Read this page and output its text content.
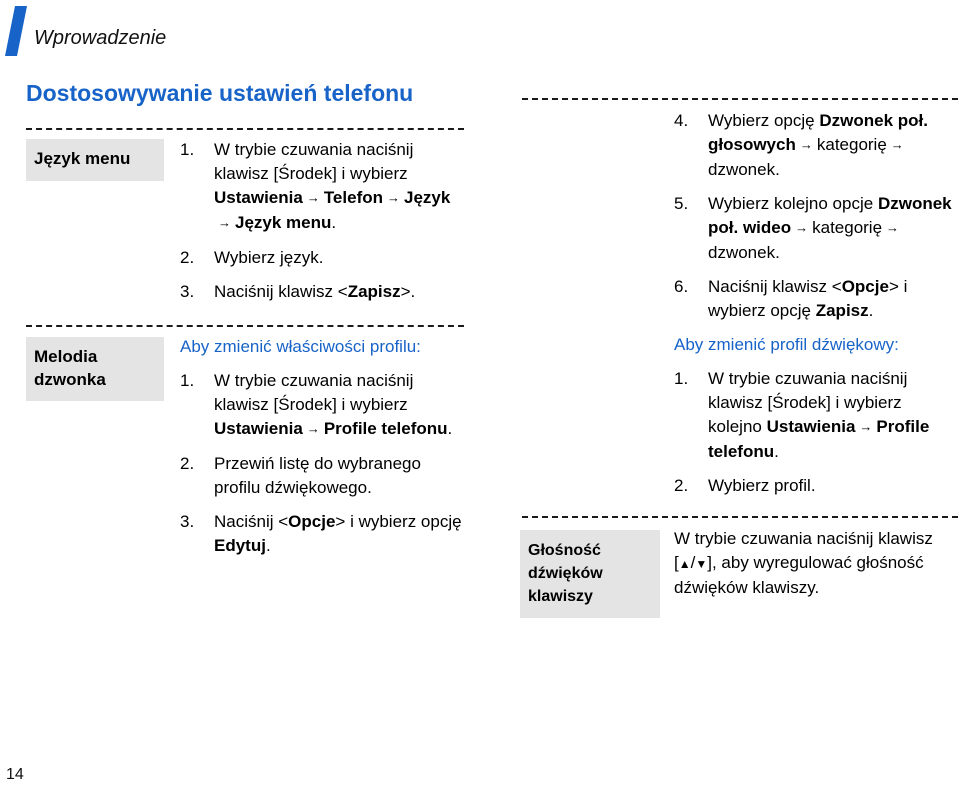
Wprowadzenie
Dostosowywanie ustawień telefonu
Język menu	1. W trybie czuwania naciśnij klawisz [Środek] i wybierz Ustawienia → Telefon → Język→ Język menu.
2. Wybierz język.
3. Naciśnij klawisz <Zapisz>.
Melodia
dzwonka
Aby zmienić właściwości profilu:
1. W trybie czuwania naciśnij klawisz [Środek] i wybierz Ustawienia → Profile telefonu.
2. Przewiń listę do wybranego profilu dźwiękowego.
3. Naciśnij <Opcje> i wybierz opcję Edytuj.
4. Wybierz opcję Dzwonek poł. głosowych → kategorię →dzwonek.
5. Wybierz kolejno opcje Dzwonek poł. wideo → kategorię →dzwonek.
6. Naciśnij klawisz <Opcje> i wybierz opcję Zapisz.
Aby zmienić profil dźwiękowy:
1. W trybie czuwania naciśnij klawisz [Środek] i wybierz kolejno Ustawienia → Profile telefonu.
2. Wybierz profil.
Głośność
dźwięków
klawiszy
W trybie czuwania naciśnij klawisz [▲/▼], aby wyregulować głośność dźwięków klawiszy.
14
